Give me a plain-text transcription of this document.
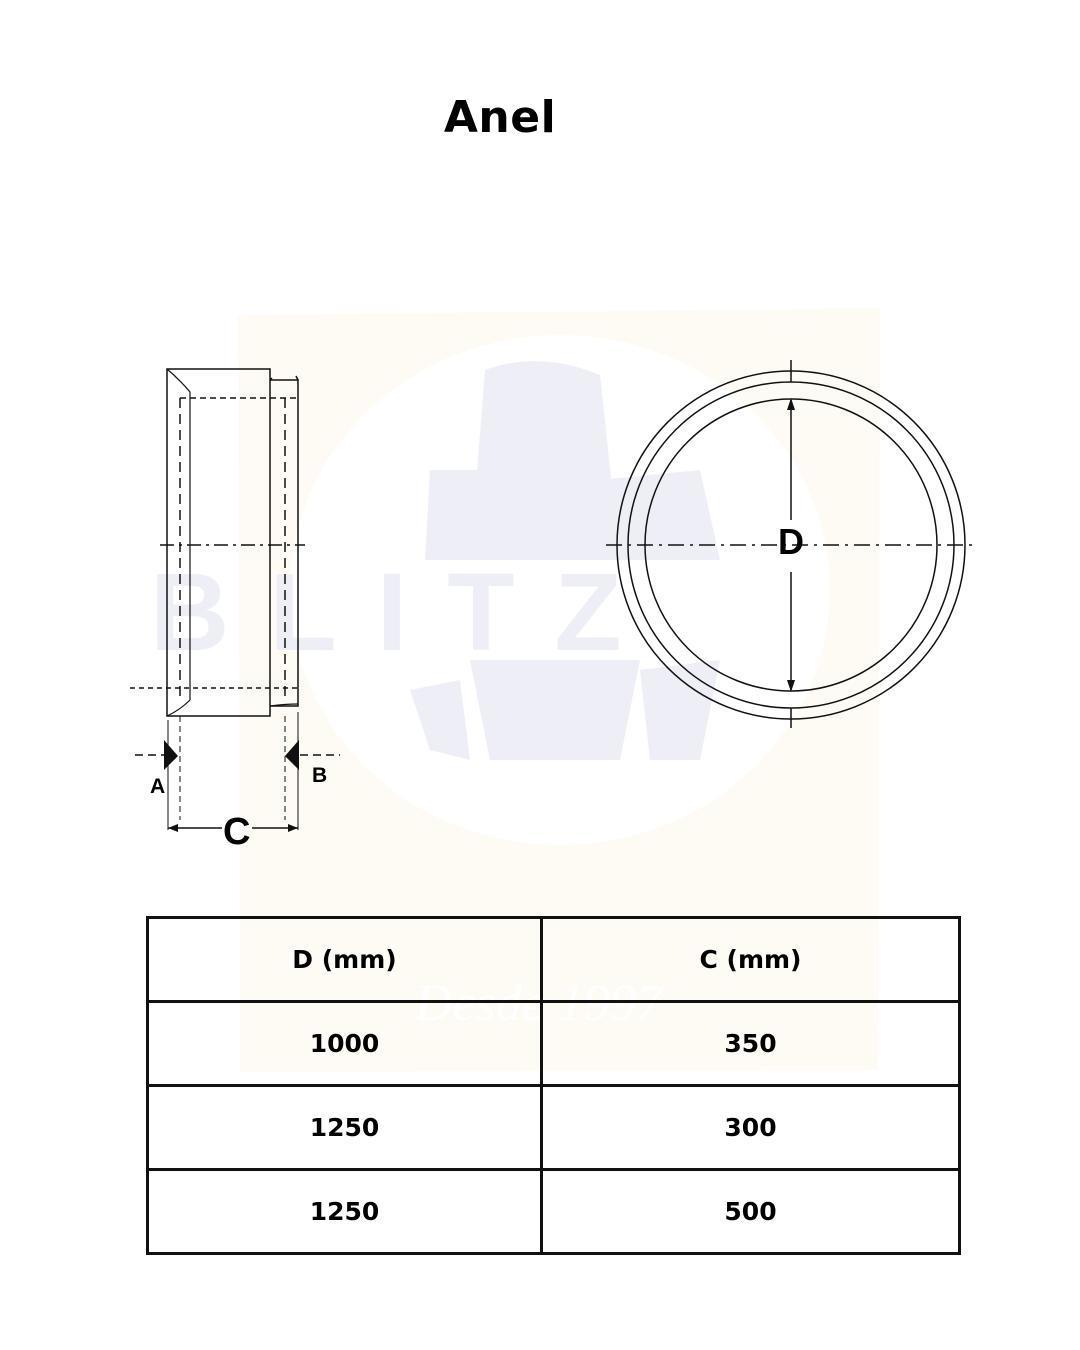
BLITZ
Desde 1997
Anel
D
C
A	B
D (mm)	C (mm)
1000	350
1250	300
1250	500
